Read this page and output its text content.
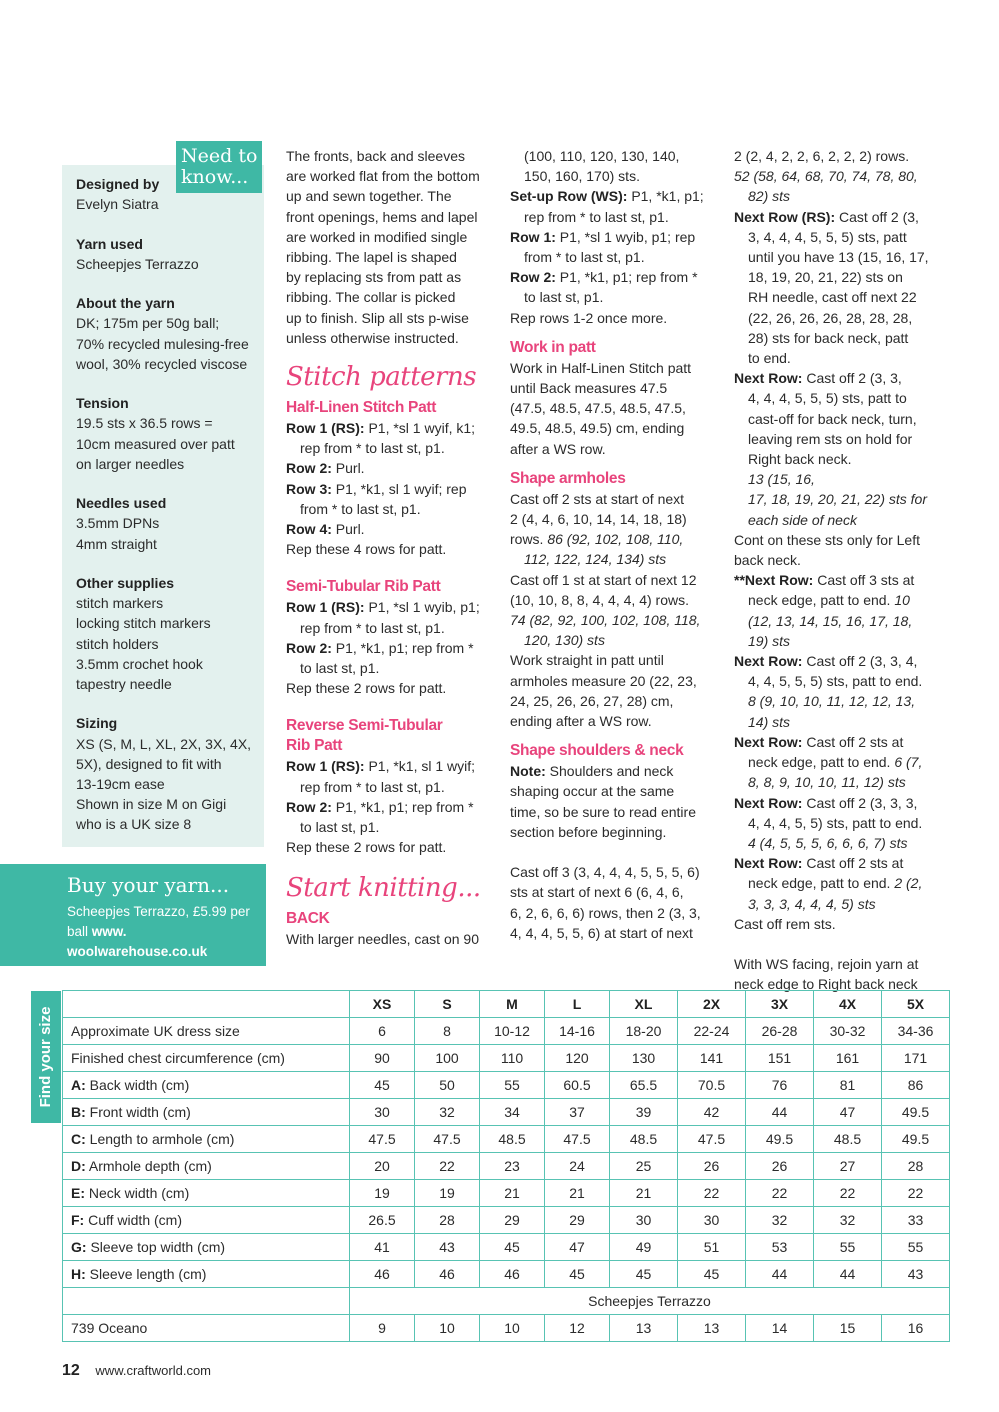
Need to know...
Designed by
Evelyn Siatra
Yarn used
Scheepjes Terrazzo
About the yarn
DK; 175m per 50g ball;
70% recycled mulesing-free
wool, 30% recycled viscose
Tension
19.5 sts x 36.5 rows =
10cm measured over patt
on larger needles
Needles used
3.5mm DPNs
4mm straight
Other supplies
stitch markers
locking stitch markers
stitch holders
3.5mm crochet hook
tapestry needle
Sizing
XS (S, M, L, XL, 2X, 3X, 4X,
5X), designed to fit with
13-19cm ease
Shown in size M on Gigi
who is a UK size 8
Buy your yarn...
Scheepjes Terrazzo, £5.99 per ball www. woolwarehouse.co.uk
The fronts, back and sleeves
are worked flat from the bottom
up and sewn together. The
front openings, hems and lapel
are worked in modified single
ribbing. The lapel is shaped
by replacing sts from patt as
ribbing. The collar is picked
up to finish. Slip all sts p-wise
unless otherwise instructed.
Stitch patterns
Half-Linen Stitch Patt
Row 1 (RS): P1, *sl 1 wyif, k1;
rep from * to last st, p1.
Row 2: Purl.
Row 3: P1, *k1, sl 1 wyif; rep
from * to last st, p1.
Row 4: Purl.
Rep these 4 rows for patt.
Semi-Tubular Rib Patt
Row 1 (RS): P1, *sl 1 wyib, p1;
rep from * to last st, p1.
Row 2: P1, *k1, p1; rep from *
to last st, p1.
Rep these 2 rows for patt.
Reverse Semi-Tubular
Rib Patt
Row 1 (RS): P1, *k1, sl 1 wyif;
rep from * to last st, p1.
Row 2: P1, *k1, p1; rep from *
to last st, p1.
Rep these 2 rows for patt.
Start knitting...
BACK
With larger needles, cast on 90
(100, 110, 120, 130, 140,
150, 160, 170) sts.
Set-up Row (WS): P1, *k1, p1;
rep from * to last st, p1.
Row 1: P1, *sl 1 wyib, p1; rep
from * to last st, p1.
Row 2: P1, *k1, p1; rep from *
to last st, p1.
Rep rows 1-2 once more.
Work in patt
Work in Half-Linen Stitch patt
until Back measures 47.5
(47.5, 48.5, 47.5, 48.5, 47.5,
49.5, 48.5, 49.5) cm, ending
after a WS row.
Shape armholes
Cast off 2 sts at start of next
2 (4, 4, 6, 10, 14, 14, 18, 18)
rows. 86 (92, 102, 108, 110,
112, 122, 124, 134) sts
Cast off 1 st at start of next 12
(10, 10, 8, 8, 4, 4, 4, 4) rows.
74 (82, 92, 100, 102, 108, 118,
120, 130) sts
Work straight in patt until
armholes measure 20 (22, 23,
24, 25, 26, 26, 27, 28) cm,
ending after a WS row.
Shape shoulders & neck
Note: Shoulders and neck
shaping occur at the same
time, so be sure to read entire
section before beginning.
Cast off 3 (3, 4, 4, 4, 5, 5, 5, 6)
sts at start of next 6 (6, 4, 6,
6, 2, 6, 6, 6) rows, then 2 (3, 3,
4, 4, 4, 5, 5, 6) at start of next
2 (2, 4, 2, 2, 6, 2, 2, 2) rows.
52 (58, 64, 68, 70, 74, 78, 80,
82) sts
Next Row (RS): Cast off 2 (3,
3, 4, 4, 4, 5, 5, 5) sts, patt
until you have 13 (15, 16, 17,
18, 19, 20, 21, 22) sts on
RH needle, cast off next 22
(22, 26, 26, 26, 28, 28, 28,
28) sts for back neck, patt
to end.
Next Row: Cast off 2 (3, 3,
4, 4, 4, 5, 5, 5) sts, patt to
cast-off for back neck, turn,
leaving rem sts on hold for
Right back neck.
13 (15, 16,
17, 18, 19, 20, 21, 22) sts for
each side of neck
Cont on these sts only for Left
back neck.
**Next Row: Cast off 3 sts at
neck edge, patt to end. 10
(12, 13, 14, 15, 16, 17, 18,
19) sts
Next Row: Cast off 2 (3, 3, 4,
4, 4, 5, 5, 5) sts, patt to end.
8 (9, 10, 10, 11, 12, 12, 13,
14) sts
Next Row: Cast off 2 sts at
neck edge, patt to end. 6 (7,
8, 8, 9, 10, 10, 11, 12) sts
Next Row: Cast off 2 (3, 3, 3,
4, 4, 4, 5, 5) sts, patt to end.
4 (4, 5, 5, 5, 6, 6, 6, 7) sts
Next Row: Cast off 2 sts at
neck edge, patt to end. 2 (2,
3, 3, 3, 4, 4, 4, 5) sts
Cast off rem sts.
With WS facing, rejoin yarn at
neck edge to Right back neck
Find your size
	XS	S	M	L	XL	2X	3X	4X	5X
Approximate UK dress size	6	8	10-12	14-16	18-20	22-24	26-28	30-32	34-36
Finished chest circumference (cm)	90	100	110	120	130	141	151	161	171
A: Back width (cm)	45	50	55	60.5	65.5	70.5	76	81	86
B: Front width (cm)	30	32	34	37	39	42	44	47	49.5
C: Length to armhole (cm)	47.5	47.5	48.5	47.5	48.5	47.5	49.5	48.5	49.5
D: Armhole depth (cm)	20	22	23	24	25	26	26	27	28
E: Neck width (cm)	19	19	21	21	21	22	22	22	22
F: Cuff width (cm)	26.5	28	29	29	30	30	32	32	33
G: Sleeve top width (cm)	41	43	45	47	49	51	53	55	55
H: Sleeve length (cm)	46	46	46	45	45	45	44	44	43
	Scheepjes Terrazzo								
739 Oceano	9	10	10	12	13	13	14	15	16
12 www.craftworld.com
